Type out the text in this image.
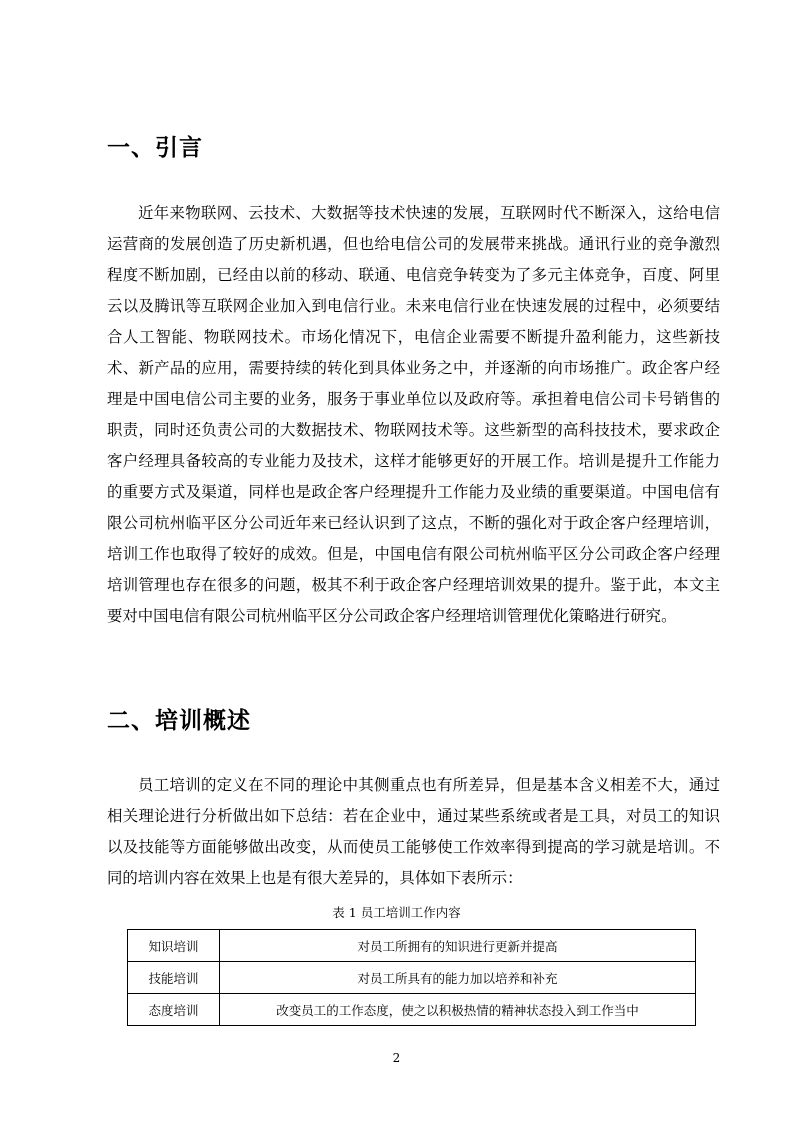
一、引言

近年来物联网、云技术、大数据等技术快速的发展，互联网时代不断深入，这给电信运营商的发展创造了历史新机遇，但也给电信公司的发展带来挑战。通讯行业的竞争激烈程度不断加剧，已经由以前的移动、联通、电信竞争转变为了多元主体竞争，百度、阿里云以及腾讯等互联网企业加入到电信行业。未来电信行业在快速发展的过程中，必须要结合人工智能、物联网技术。市场化情况下，电信企业需要不断提升盈利能力，这些新技术、新产品的应用，需要持续的转化到具体业务之中，并逐渐的向市场推广。政企客户经理是中国电信公司主要的业务，服务于事业单位以及政府等。承担着电信公司卡号销售的职责，同时还负责公司的大数据技术、物联网技术等。这些新型的高科技技术，要求政企客户经理具备较高的专业能力及技术，这样才能够更好的开展工作。培训是提升工作能力的重要方式及渠道，同样也是政企客户经理提升工作能力及业绩的重要渠道。中国电信有限公司杭州临平区分公司近年来已经认识到了这点，不断的强化对于政企客户经理培训，培训工作也取得了较好的成效。但是，中国电信有限公司杭州临平区分公司政企客户经理培训管理也存在很多的问题，极其不利于政企客户经理培训效果的提升。鉴于此，本文主要对中国电信有限公司杭州临平区分公司政企客户经理培训管理优化策略进行研究。

二、培训概述

员工培训的定义在不同的理论中其侧重点也有所差异，但是基本含义相差不大，通过相关理论进行分析做出如下总结：若在企业中，通过某些系统或者是工具，对员工的知识以及技能等方面能够做出改变，从而使员工能够使工作效率得到提高的学习就是培训。不同的培训内容在效果上也是有很大差异的，具体如下表所示：

表 1 员工培训工作内容
知识培训	对员工所拥有的知识进行更新并提高
技能培训	对员工所具有的能力加以培养和补充
态度培训	改变员工的工作态度，使之以积极热情的精神状态投入到工作当中
2
